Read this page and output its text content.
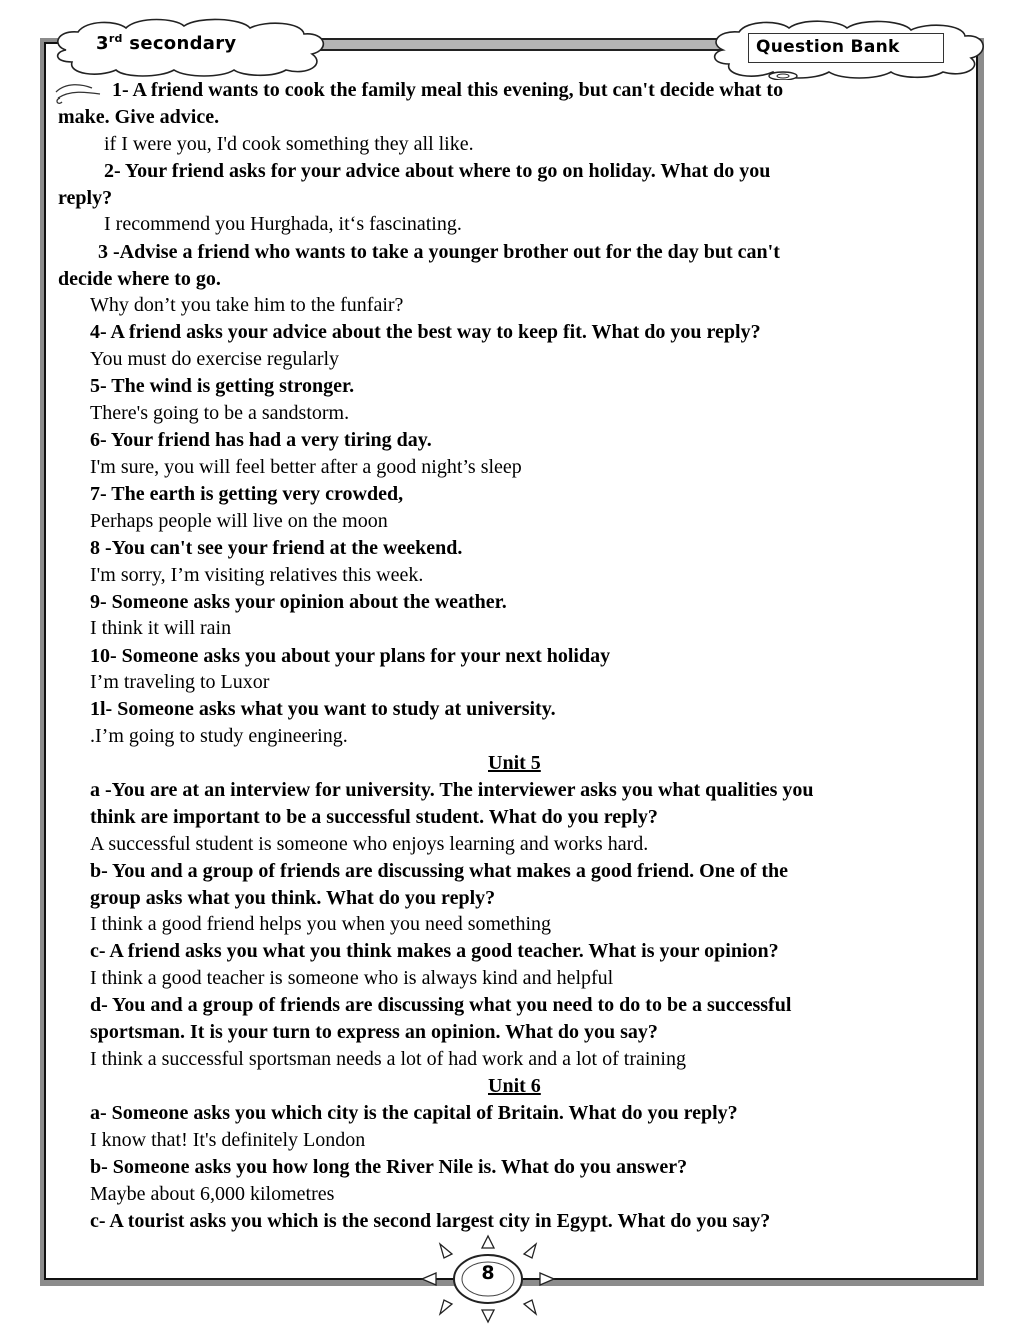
3rd secondary	Question Bank
1- A friend wants to cook the family meal this evening, but can't decide what to
make. Give advice.
if I were you, I'd cook something they all like.
2- Your friend asks for your advice about where to go on holiday. What do you
reply?
I recommend you Hurghada, it‘s fascinating.
3 -Advise a friend who wants to take a younger brother out for the day but can't
decide where to go.
Why don’t you take him to the funfair?
4- A friend asks your advice about the best way to keep fit. What do you reply?
You must do exercise regularly
5- The wind is getting stronger.
There's going to be a sandstorm.
6- Your friend has had a very tiring day.
I'm sure, you will feel better after a good night’s sleep
7- The earth is getting very crowded,
Perhaps people will live on the moon
8 -You can't see your friend at the weekend.
I'm sorry, I’m visiting relatives this week.
9- Someone asks your opinion about the weather.
I think it will rain
10- Someone asks you about your plans for your next holiday
I’m traveling to Luxor
1l- Someone asks what you want to study at university.
.I’m going to study engineering.
Unit 5
a -You are at an interview for university. The interviewer asks you what qualities you
think are important to be a successful student. What do you reply?
A successful student is someone who enjoys learning and works hard.
b- You and a group of friends are discussing what makes a good friend. One of the
group asks what you think. What do you reply?
I think a good friend helps you when you need something
c- A friend asks you what you think makes a good teacher. What is your opinion?
I think a good teacher is someone who is always kind and helpful
d- You and a group of friends are discussing what you need to do to be a successful
sportsman. It is your turn to express an opinion. What do you say?
I think a successful sportsman needs a lot of had work and a lot of training
Unit 6
a- Someone asks you which city is the capital of Britain. What do you reply?
I know that! It's definitely London
b- Someone asks you how long the River Nile is. What do you answer?
Maybe about 6,000 kilometres
c- A tourist asks you which is the second largest city in Egypt. What do you say?
8
